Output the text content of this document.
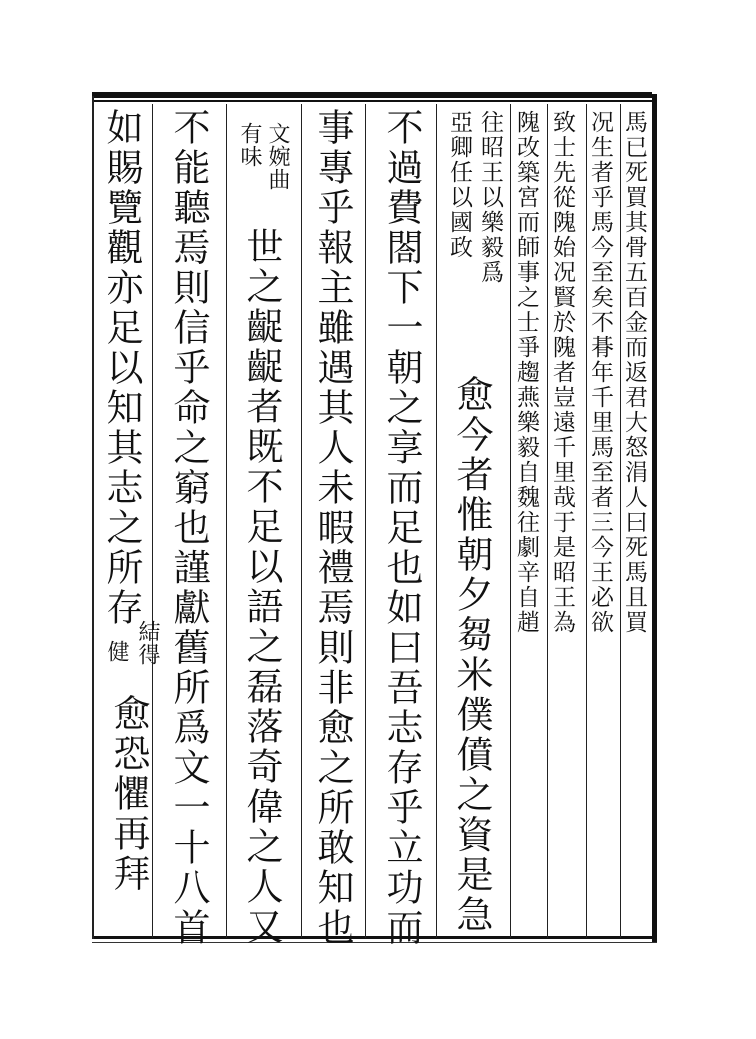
馬已死買其骨五百金而返君大怒涓人曰死馬且買
况生者乎馬今至矣不朞年千里馬至者三今王必欲
致士先從隗始况賢於隗者豈遠千里哉于是昭王為
隗改築宮而師事之士爭趨燕樂毅自魏往劇辛自趙
往昭王以樂毅爲
亞卿任以國政
愈今者惟朝夕芻米僕僨之資是急
不過費閤下一朝之享而足也如曰吾志存乎立功而
事專乎報主雖遇其人未暇禮焉則非愈之所敢知也
文婉曲
有味
世之齪齪者既不足以語之磊落奇偉之人又
不能聽焉則信乎命之窮也謹獻舊所爲文一十八首
如賜覽觀亦足以知其志之所存
結得
健
愈恐懼再拜
